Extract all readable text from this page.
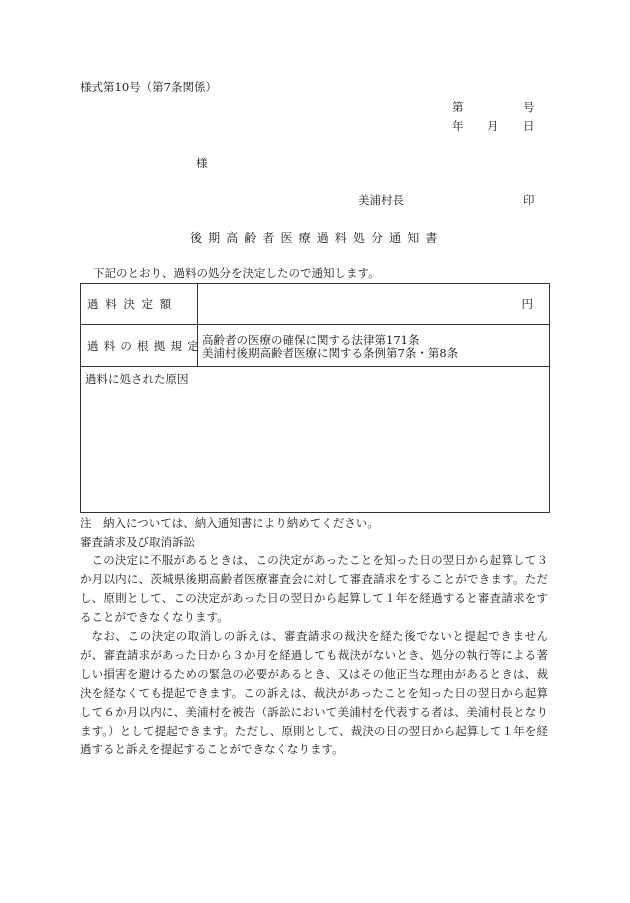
様式第10号（第7条関係）
第	号
年 月 日
様
美浦村長	印
後期高齢者医療過料処分通知書
下記のとおり、過料の処分を決定したので通知します。
過料決定額	円
過料の根拠規定
高齢者の医療の確保に関する法律第171条
美浦村後期高齢者医療に関する条例第7条・第8条
過料に処された原因
注　納入については、納入通知書により納めてください。
審査請求及び取消訴訟

この決定に不服があるときは、この決定があったことを知った日の翌日から起算して３か月以内に、茨城県後期高齢者医療審査会に対して審査請求をすることができます。ただし、原則として、この決定があった日の翌日から起算して１年を経過すると審査請求をすることができなくなります。

なお、この決定の取消しの訴えは、審査請求の裁決を経た後でないと提起できませんが、審査請求があった日から３か月を経過しても裁決がないとき、処分の執行等による著しい損害を避けるための緊急の必要があるとき、又はその他正当な理由があるときは、裁決を経なくても提起できます。この訴えは、裁決があったことを知った日の翌日から起算して６か月以内に、美浦村を被告（訴訟において美浦村を代表する者は、美浦村長となります。）として提起できます。ただし、原則として、裁決の日の翌日から起算して１年を経過すると訴えを提起することができなくなります。
